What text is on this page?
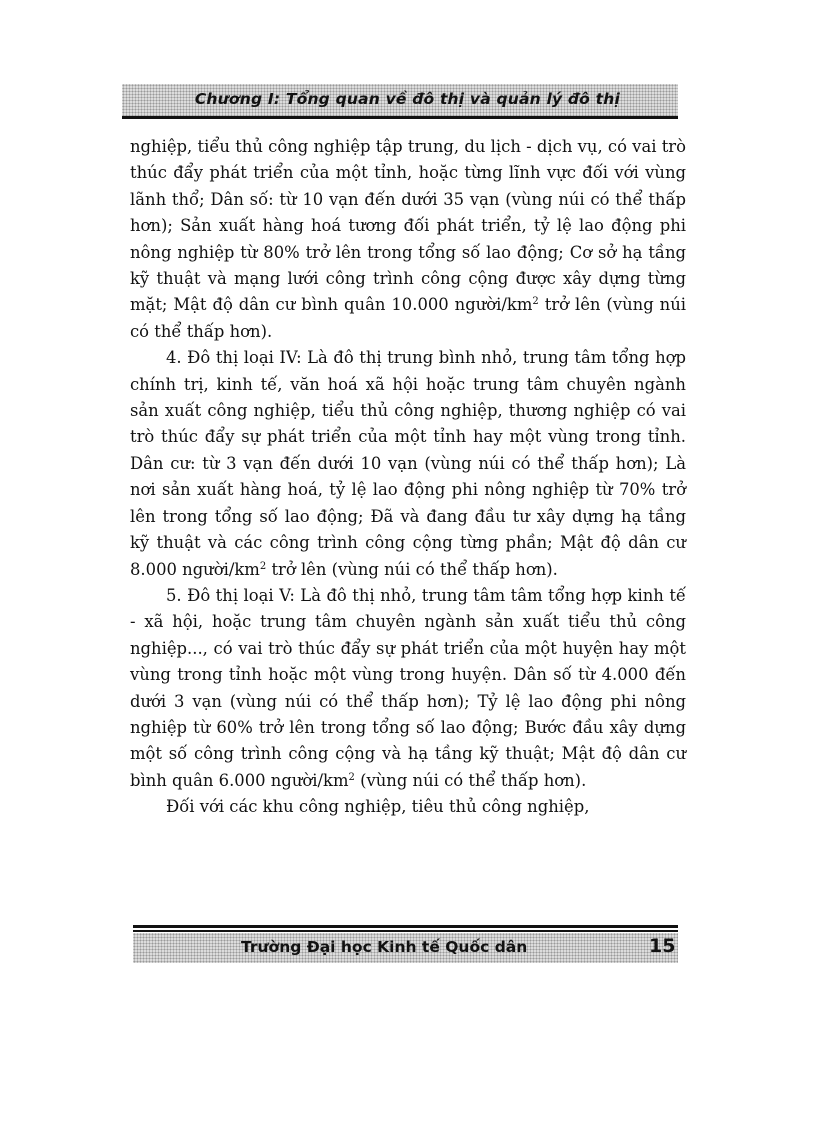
Chương I: Tổng quan về đô thị và quản lý đô thị

nghiệp, tiểu thủ công nghiệp tập trung, du lịch - dịch vụ, có vai trò thúc đẩy phát triển của một tỉnh, hoặc từng lĩnh vực đối với vùng lãnh thổ; Dân số: từ 10 vạn đến dưới 35 vạn (vùng núi có thể thấp hơn); Sản xuất hàng hoá tương đối phát triển, tỷ lệ lao động phi nông nghiệp từ 80% trở lên trong tổng số lao động; Cơ sở hạ tầng kỹ thuật và mạng lưới công trình công cộng được xây dựng từng mặt; Mật độ dân cư bình quân 10.000 người/$km^2$ trở lên (vùng núi có thể thấp hơn).

4. Đô thị loại IV: Là đô thị trung bình nhỏ, trung tâm tổng hợp chính trị, kinh tế, văn hoá xã hội hoặc trung tâm chuyên ngành sản xuất công nghiệp, tiểu thủ công nghiệp, thương nghiệp có vai trò thúc đẩy sự phát triển của một tỉnh hay một vùng trong tỉnh. Dân cư: từ 3 vạn đến dưới 10 vạn (vùng núi có thể thấp hơn); Là nơi sản xuất hàng hoá, tỷ lệ lao động phi nông nghiệp từ 70% trở lên trong tổng số lao động; Đã và đang đầu tư xây dựng hạ tầng kỹ thuật và các công trình công cộng từng phần; Mật độ dân cư 8.000 người/$km^2$ trở lên (vùng núi có thể thấp hơn).

5. Đô thị loại V: Là đô thị nhỏ, trung tâm tâm tổng hợp kinh tế - xã hội, hoặc trung tâm chuyên ngành sản xuất tiểu thủ công nghiệp..., có vai trò thúc đẩy sự phát triển của một huyện hay một vùng trong tỉnh hoặc một vùng trong huyện. Dân số từ 4.000 đến dưới 3 vạn (vùng núi có thể thấp hơn); Tỷ lệ lao động phi nông nghiệp từ 60% trở lên trong tổng số lao động; Bước đầu xây dựng một số công trình công cộng và hạ tầng kỹ thuật; Mật độ dân cư bình quân 6.000 người/$km^2$ (vùng núi có thể thấp hơn).

Đối với các khu công nghiệp, tiêu thủ công nghiệp,

Trường Đại học Kinh tế Quốc dân	15
